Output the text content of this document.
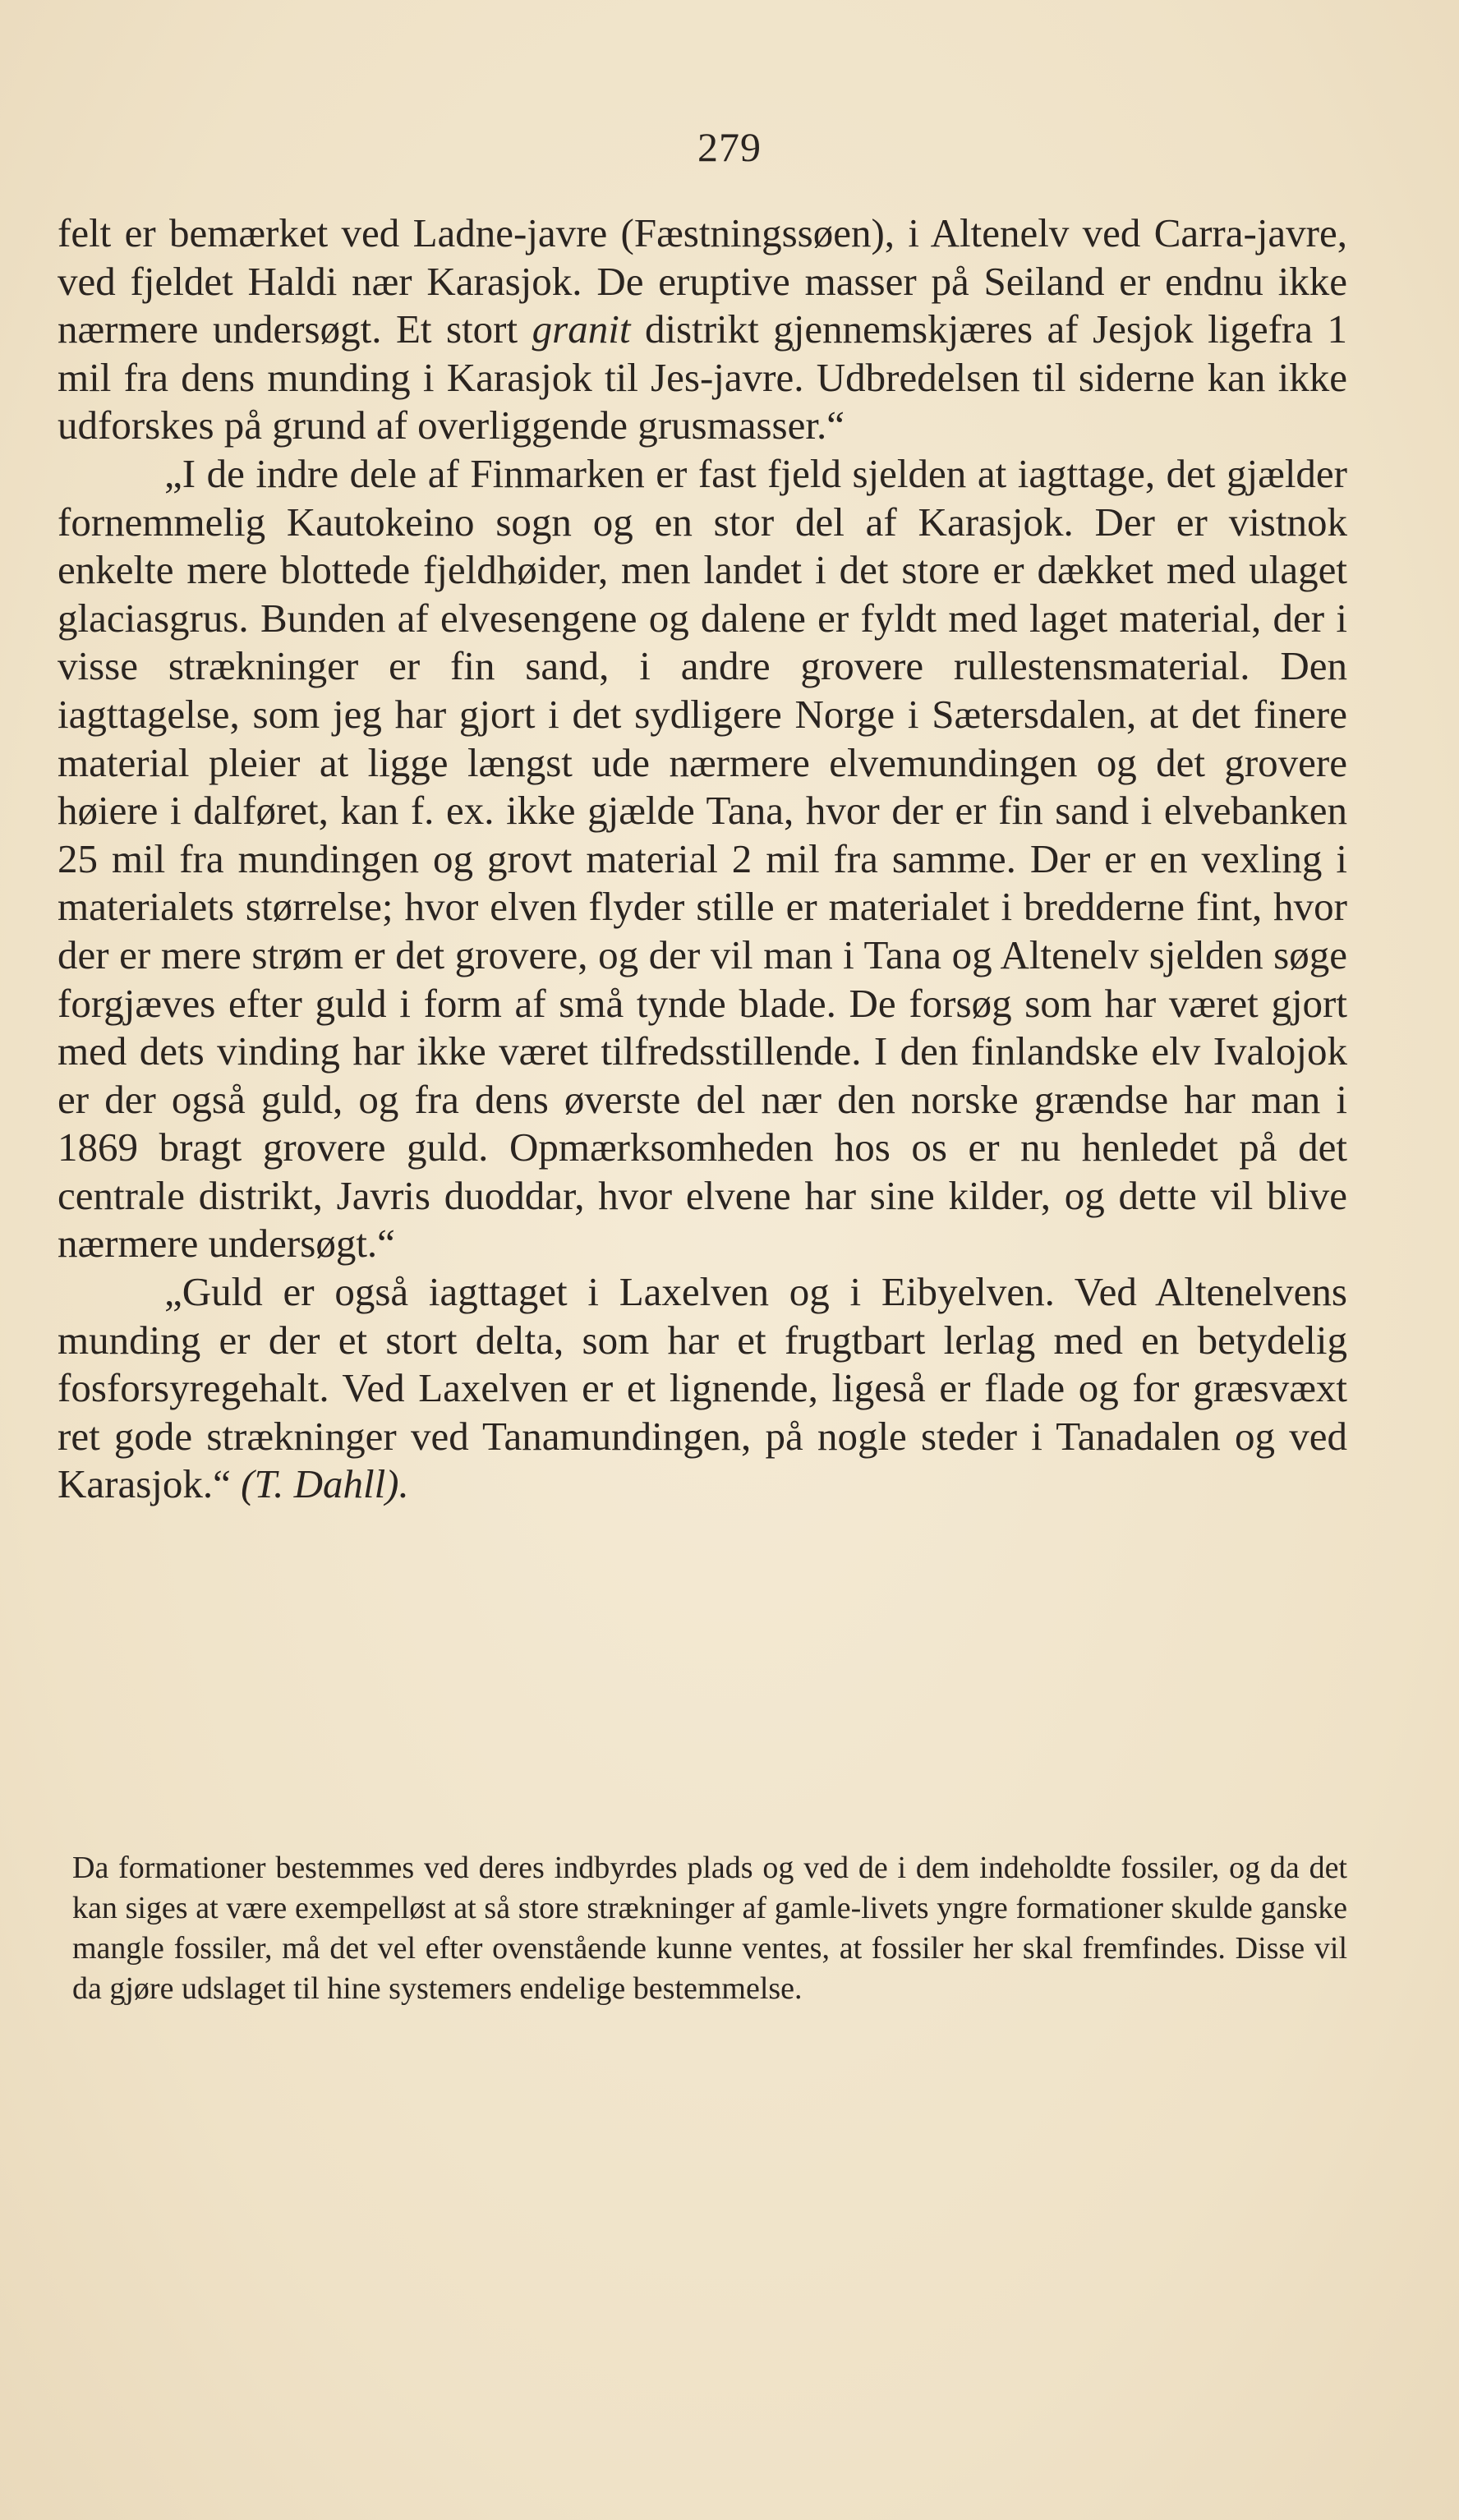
279

felt er bemærket ved Ladne-javre (Fæstningssøen), i Altenelv ved Carra-javre, ved fjeldet Haldi nær Karasjok. De eruptive masser på Seiland er endnu ikke nærmere undersøgt. Et stort granit distrikt gjennemskjæres af Jesjok ligefra 1 mil fra dens munding i Karasjok til Jes-javre. Udbredelsen til siderne kan ikke udforskes på grund af overliggende grusmasser.“

„I de indre dele af Finmarken er fast fjeld sjelden at iagttage, det gjælder fornemmelig Kautokeino sogn og en stor del af Karasjok. Der er vistnok enkelte mere blottede fjeldhøider, men landet i det store er dækket med ulaget glaciasgrus. Bunden af elvesengene og dalene er fyldt med laget material, der i visse strækninger er fin sand, i andre grovere rullestensmaterial. Den iagttagelse, som jeg har gjort i det sydligere Norge i Sætersdalen, at det finere material pleier at ligge længst ude nærmere elvemundingen og det grovere høiere i dalføret, kan f. ex. ikke gjælde Tana, hvor der er fin sand i elvebanken 25 mil fra mundingen og grovt material 2 mil fra samme. Der er en vexling i materialets størrelse; hvor elven flyder stille er materialet i bredderne fint, hvor der er mere strøm er det grovere, og der vil man i Tana og Altenelv sjelden søge forgjæves efter guld i form af små tynde blade. De forsøg som har været gjort med dets vinding har ikke været tilfredsstillende. I den finlandske elv Ivalojok er der også guld, og fra dens øverste del nær den norske grændse har man i 1869 bragt grovere guld. Opmærksomheden hos os er nu henledet på det centrale distrikt, Javris duoddar, hvor elvene har sine kilder, og dette vil blive nærmere undersøgt.“

„Guld er også iagttaget i Laxelven og i Eibyelven. Ved Altenelvens munding er der et stort delta, som har et frugtbart lerlag med en betydelig fosforsyregehalt. Ved Laxelven er et lignende, ligeså er flade og for græsvæxt ret gode strækninger ved Tanamundingen, på nogle steder i Tanadalen og ved Karasjok.“ (T. Dahll).

Da formationer bestemmes ved deres indbyrdes plads og ved de i dem indeholdte fossiler, og da det kan siges at være exempelløst at så store strækninger af gamle-livets yngre formationer skulde ganske mangle fossiler, må det vel efter ovenstående kunne ventes, at fossiler her skal fremfindes. Disse vil da gjøre udslaget til hine systemers endelige bestemmelse.
